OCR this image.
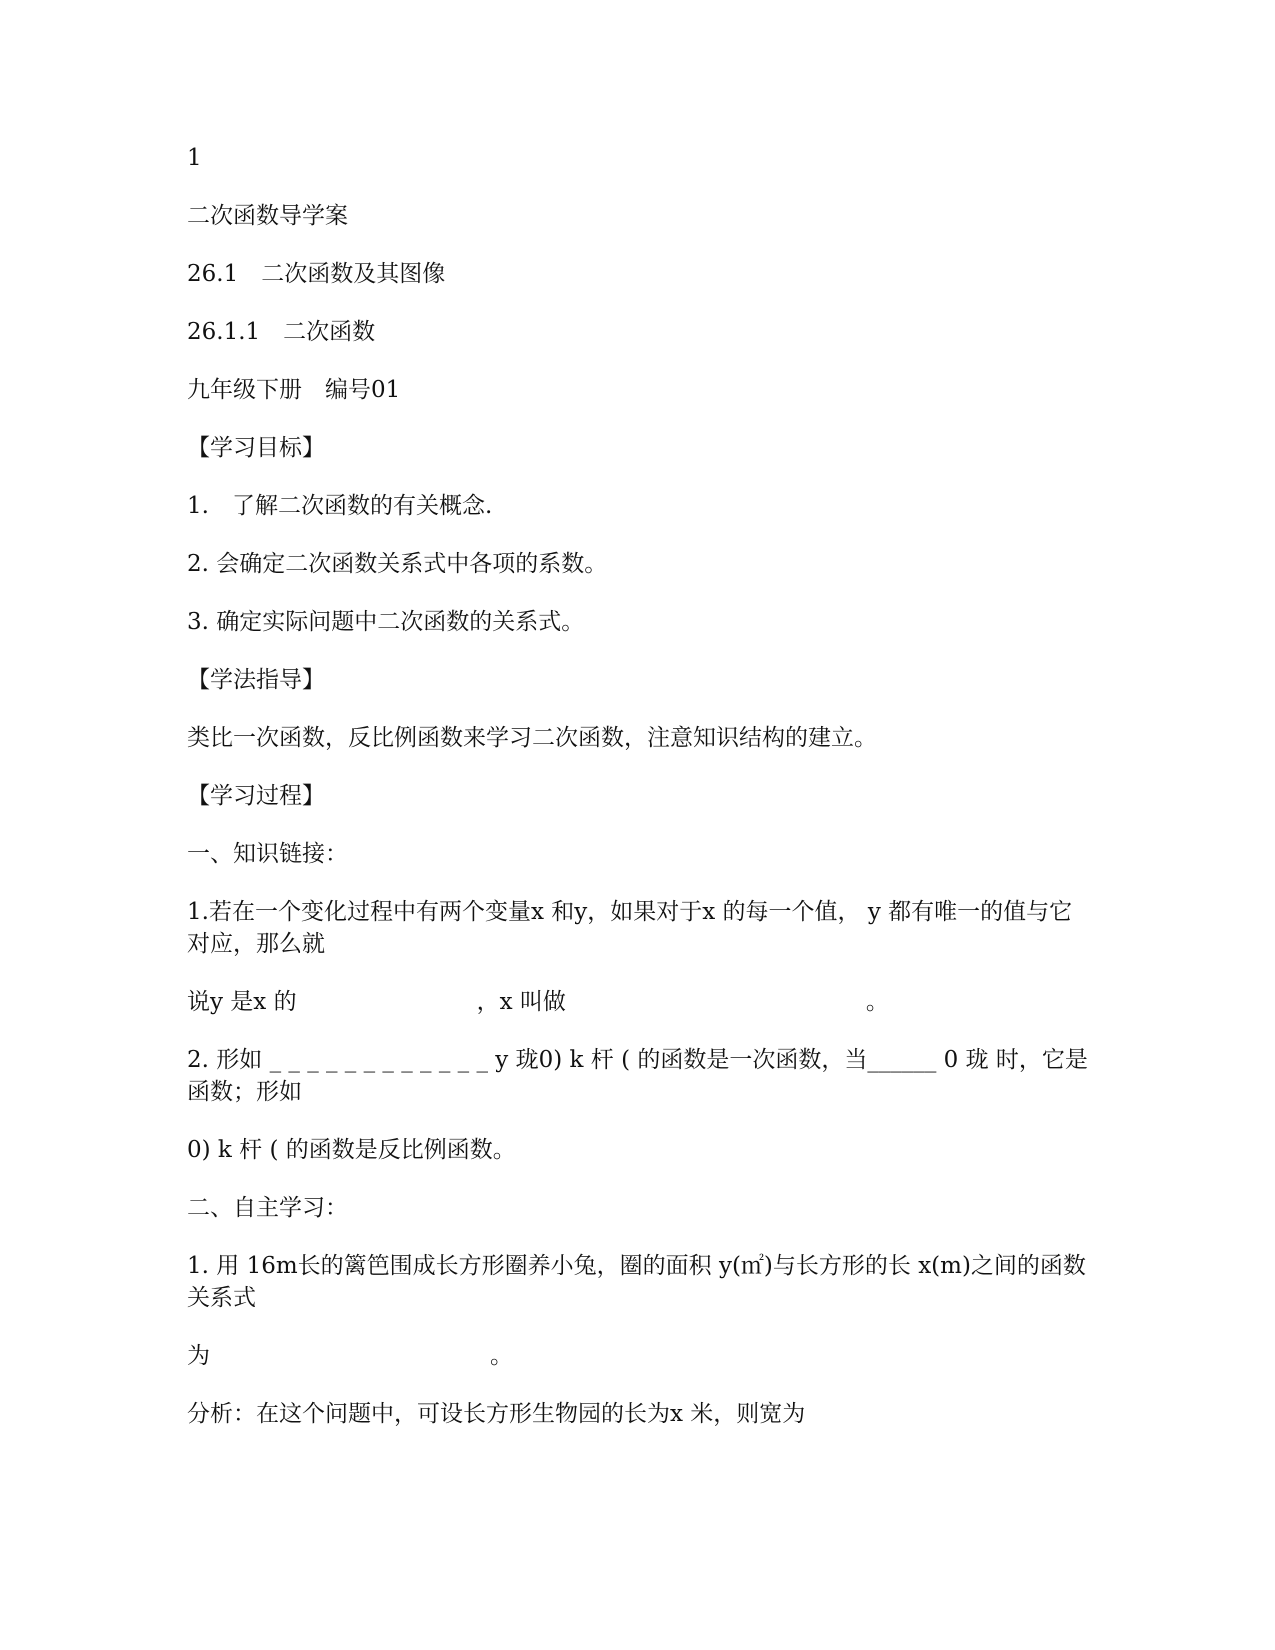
1
二次函数导学案
26.1　二次函数及其图像
26.1.1　二次函数
九年级下册　编号01
【学习目标】
1.　了解二次函数的有关概念.
2. 会确定二次函数关系式中各项的系数。
3. 确定实际问题中二次函数的关系式。
【学法指导】
类比一次函数，反比例函数来学习二次函数，注意知识结构的建立。
【学习过程】
一、知识链接：
1.若在一个变化过程中有两个变量x 和y，如果对于x 的每一个值， y 都有唯一的值与它对应，那么就
说y 是x 的	，x 叫做	。
2. 形如 _ _ _ _ _ _ _ _ _ _ _ _ y 珑0) k 杆 ( 的函数是一次函数，当______ 0 珑 时，它是 函数；形如
0) k 杆 ( 的函数是反比例函数。
二、自主学习：
1. 用 16m长的篱笆围成长方形圈养小兔，圈的面积 y(㎡)与长方形的长 x(m)之间的函数关系式
为	。
分析：在这个问题中，可设长方形生物园的长为x 米，则宽为
